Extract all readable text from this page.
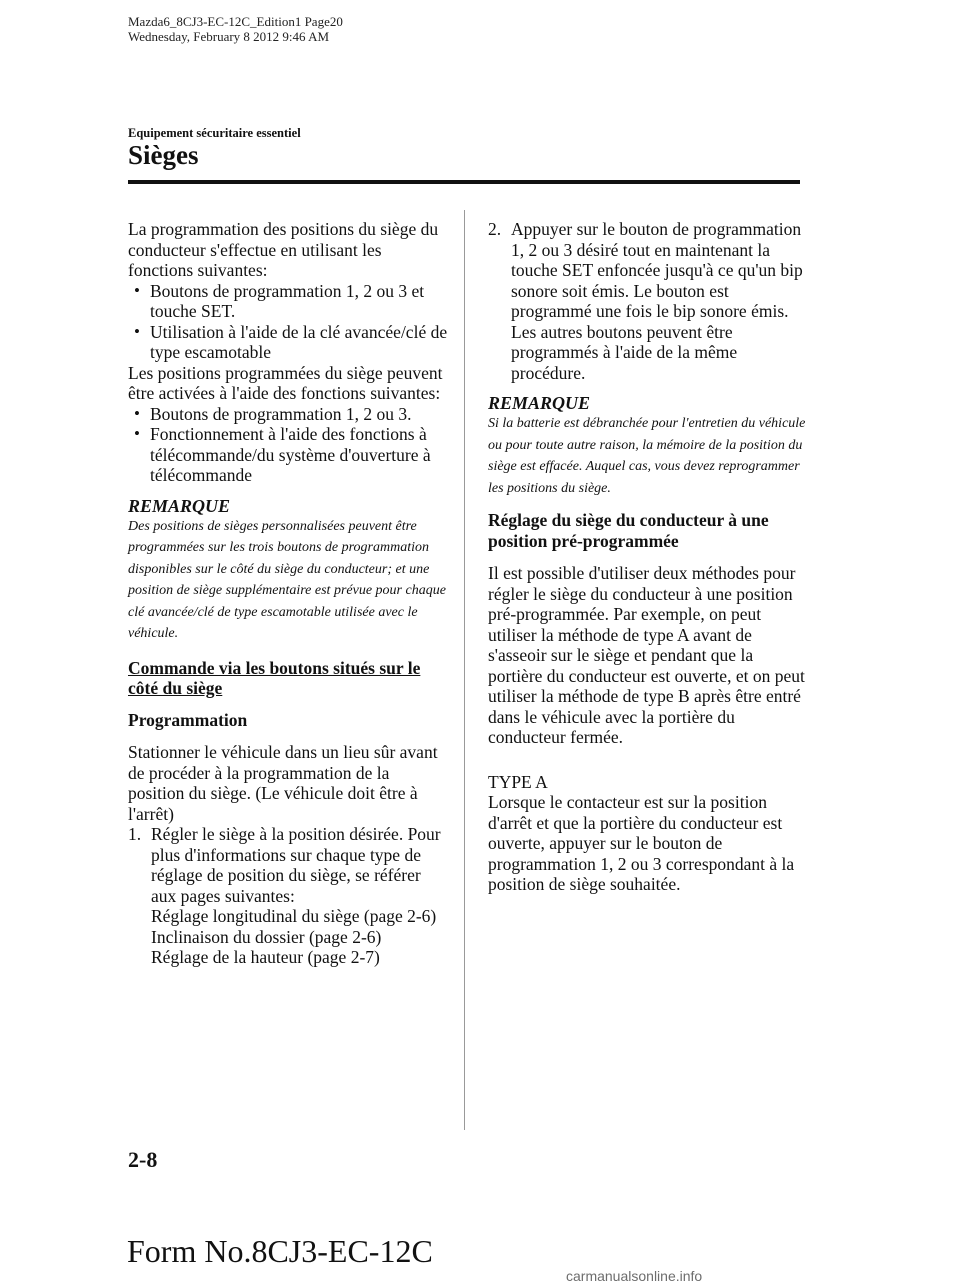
Mazda6_8CJ3-EC-12C_Edition1 Page20
Wednesday, February 8 2012 9:46 AM
Equipement sécuritaire essentiel
Sièges

La programmation des positions du siège du conducteur s'effectue en utilisant les fonctions suivantes:

• Boutons de programmation 1, 2 ou 3 et touche SET.
• Utilisation à l'aide de la clé avancée/clé de type escamotable

Les positions programmées du siège peuvent être activées à l'aide des fonctions suivantes:

• Boutons de programmation 1, 2 ou 3.
• Fonctionnement à l'aide des fonctions à télécommande/du système d'ouverture à télécommande
REMARQUE
Des positions de sièges personnalisées peuvent être programmées sur les trois boutons de programmation disponibles sur le côté du siège du conducteur; et une position de siège supplémentaire est prévue pour chaque clé avancée/clé de type escamotable utilisée avec le véhicule.
Commande via les boutons situés sur le côté du siège
Programmation

Stationner le véhicule dans un lieu sûr avant de procéder à la programmation de la position du siège. (Le véhicule doit être à l'arrêt)

1. Régler le siège à la position désirée. Pour plus d'informations sur chaque type de réglage de position du siège, se référer aux pages suivantes:
Réglage longitudinal du siège (page 2-6)
Inclinaison du dossier (page 2-6)
Réglage de la hauteur (page 2-7)
2. Appuyer sur le bouton de programmation 1, 2 ou 3 désiré tout en maintenant la touche SET enfoncée jusqu'à ce qu'un bip sonore soit émis. Le bouton est programmé une fois le bip sonore émis. Les autres boutons peuvent être programmés à l'aide de la même procédure.
REMARQUE
Si la batterie est débranchée pour l'entretien du véhicule ou pour toute autre raison, la mémoire de la position du siège est effacée. Auquel cas, vous devez reprogrammer les positions du siège.
Réglage du siège du conducteur à une position pré-programmée

Il est possible d'utiliser deux méthodes pour régler le siège du conducteur à une position pré-programmée. Par exemple, on peut utiliser la méthode de type A avant de s'asseoir sur le siège et pendant que la portière du conducteur est ouverte, et on peut utiliser la méthode de type B après être entré dans le véhicule avec la portière du conducteur fermée.

TYPE A

Lorsque le contacteur est sur la position d'arrêt et que la portière du conducteur est ouverte, appuyer sur le bouton de programmation 1, 2 ou 3 correspondant à la position de siège souhaitée.

2-8
Form No.8CJ3-EC-12C
carmanualsonline.info
